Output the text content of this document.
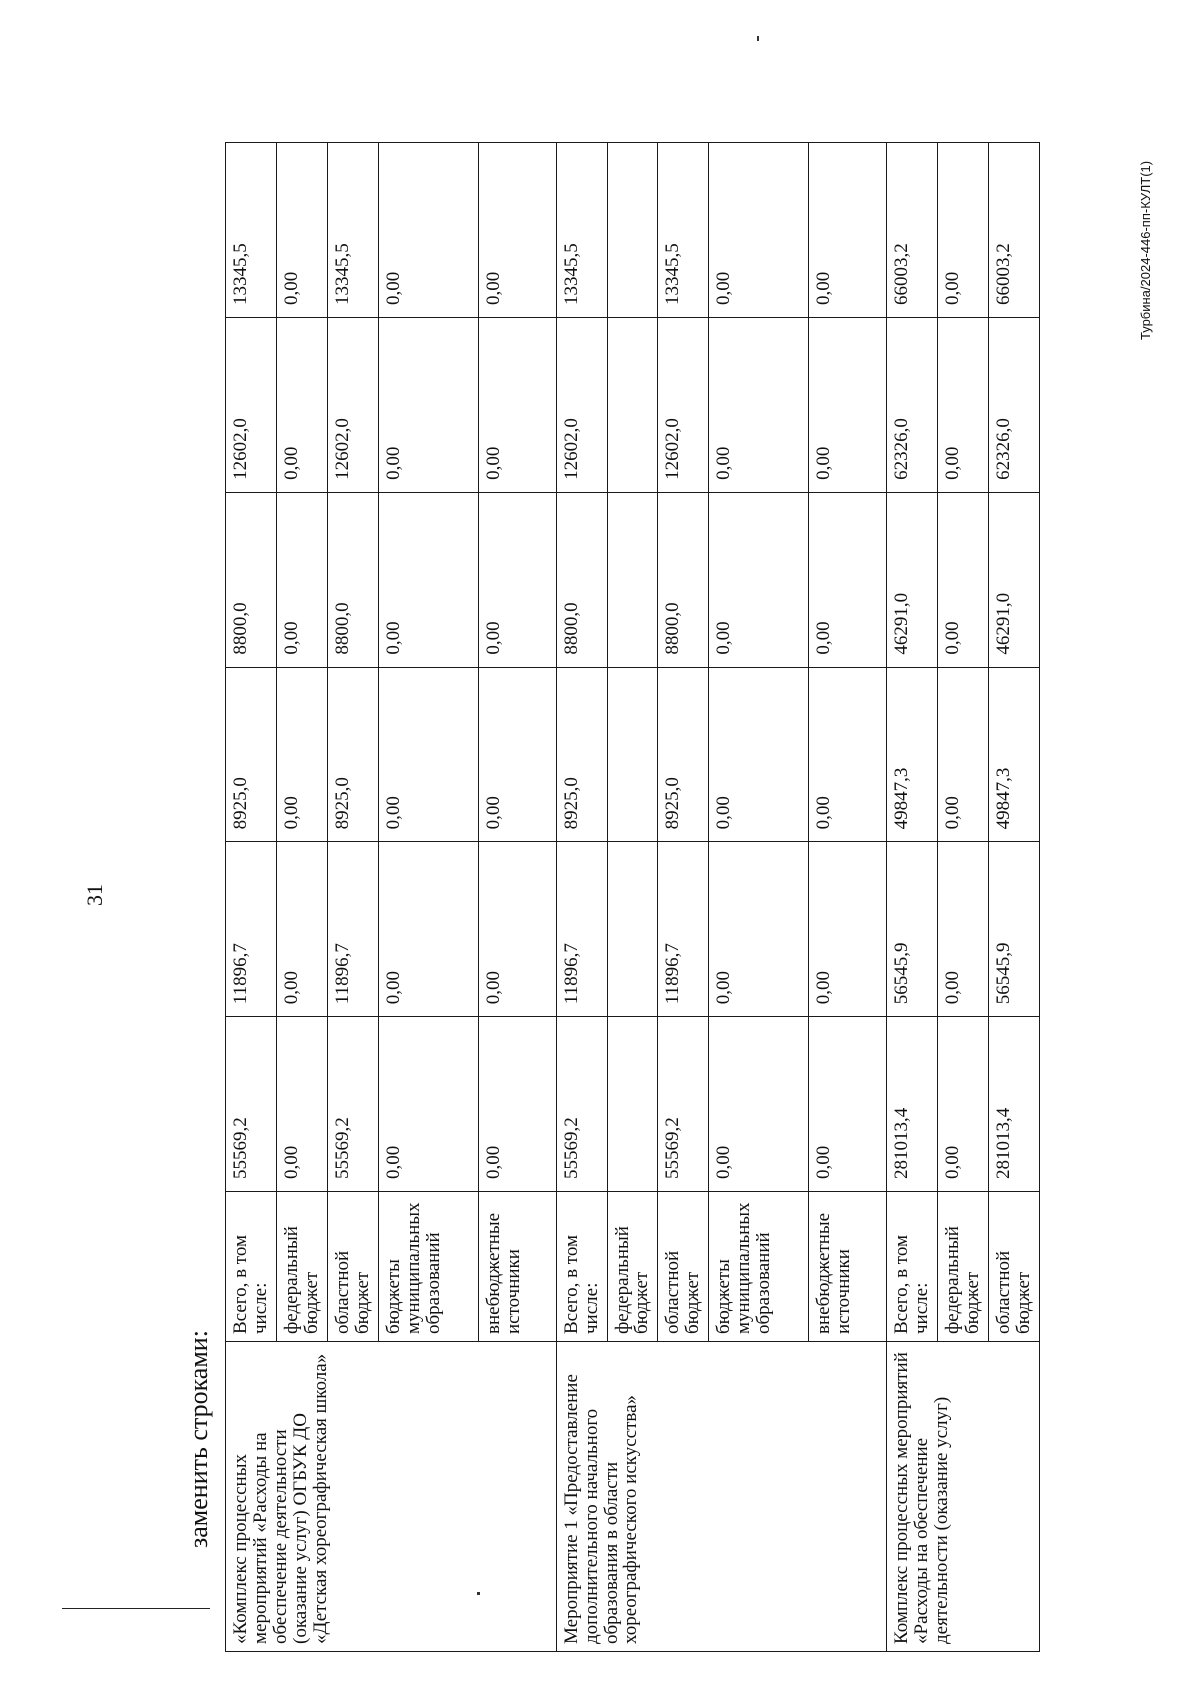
31
заменить строками:
Турбина/2024-446-пп-КУЛТ(1)
«Комплекс процессных мероприятий «Расходы на обеспечение деятельности (оказание услуг) ОГБУК ДО «Детская хореографическая школа»	Всего, в том числе:	55569,2	11896,7	8925,0	8800,0	12602,0	13345,5
	федеральный бюджет	0,00	0,00	0,00	0,00	0,00	0,00
	областной бюджет	55569,2	11896,7	8925,0	8800,0	12602,0	13345,5
	бюджеты муниципальных образований	0,00	0,00	0,00	0,00	0,00	0,00
	внебюджетные источники	0,00	0,00	0,00	0,00	0,00	0,00
Мероприятие 1 «Предоставление дополнительного начального образования в области хореографического искусства»	Всего, в том числе:	55569,2	11896,7	8925,0	8800,0	12602,0	13345,5
	федеральный бюджет						
	областной бюджет	55569,2	11896,7	8925,0	8800,0	12602,0	13345,5
	бюджеты муниципальных образований	0,00	0,00	0,00	0,00	0,00	0,00
	внебюджетные источники	0,00	0,00	0,00	0,00	0,00	0,00
Комплекс процессных мероприятий «Расходы на обеспечение деятельности (оказание услуг)	Всего, в том числе:	281013,4	56545,9	49847,3	46291,0	62326,0	66003,2
	федеральный бюджет	0,00	0,00	0,00	0,00	0,00	0,00
	областной бюджет	281013,4	56545,9	49847,3	46291,0	62326,0	66003,2
